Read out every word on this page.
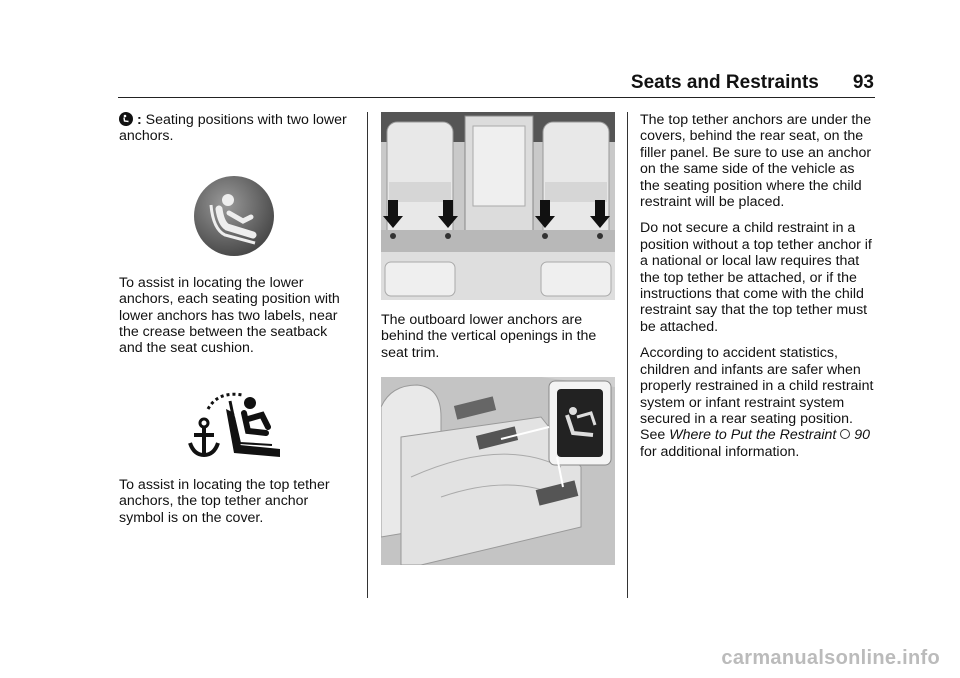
Seats and Restraints 93

: Seating positions with two lower anchors.

To assist in locating the lower anchors, each seating position with lower anchors has two labels, near the crease between the seatback and the seat cushion.

To assist in locating the top tether anchors, the top tether anchor symbol is on the cover.

The outboard lower anchors are behind the vertical openings in the seat trim.

The top tether anchors are under the covers, behind the rear seat, on the filler panel. Be sure to use an anchor on the same side of the vehicle as the seating position where the child restraint will be placed.

Do not secure a child restraint in a position without a top tether anchor if a national or local law requires that the top tether be attached, or if the instructions that come with the child restraint say that the top tether must be attached.

According to accident statistics, children and infants are safer when properly restrained in a child restraint system or infant restraint system secured in a rear seating position. See Where to Put the Restraint 90 for additional information.

carmanualsonline.info
